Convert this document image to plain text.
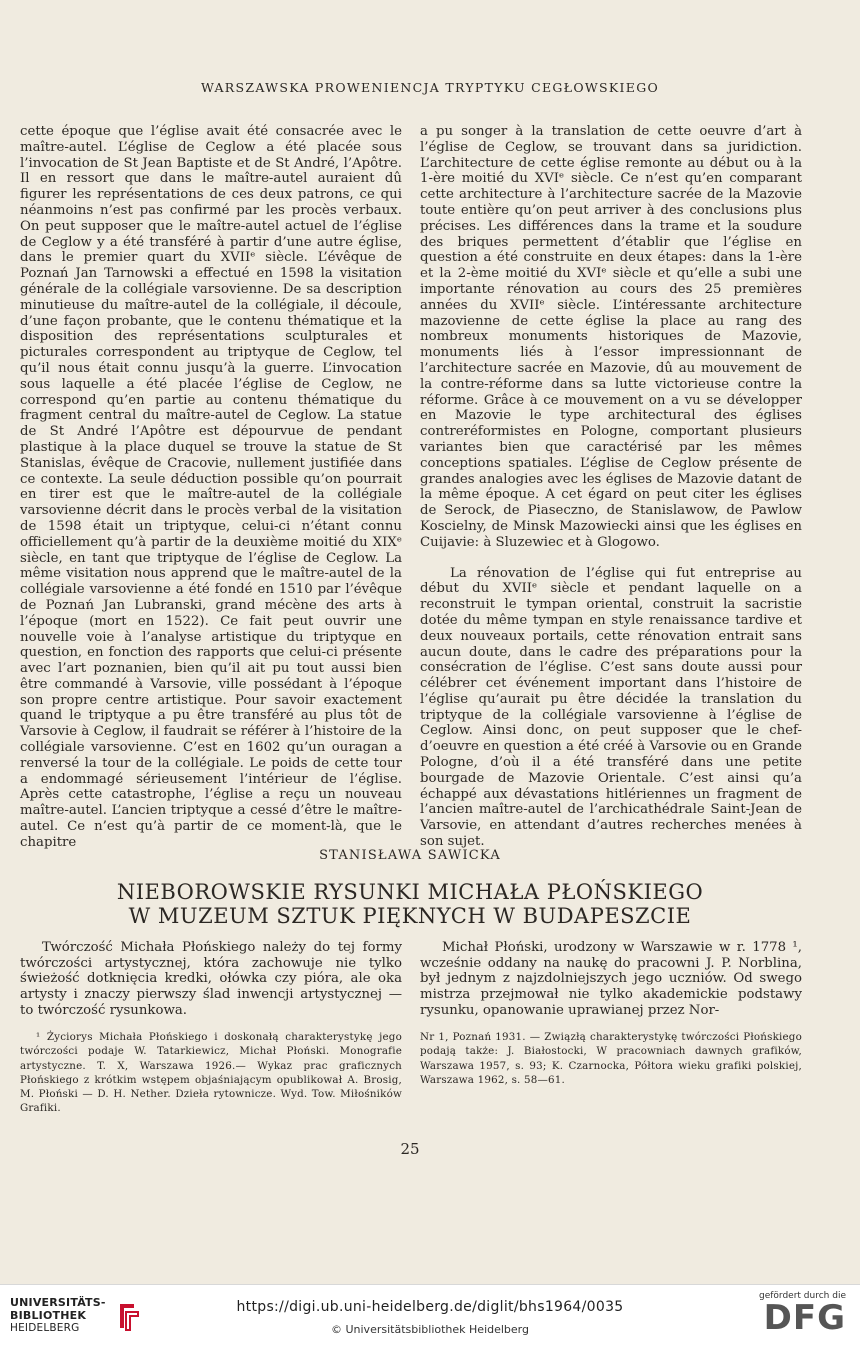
WARSZAWSKA PROWENIENCJA TRYPTYKU CEGŁOWSKIEGO

cette époque que l’église avait été consacrée avec le maître-autel. L’église de Ceglow a été placée sous l’invocation de St Jean Baptiste et de St André, l’Apôtre. Il en ressort que dans le maître-autel auraient dû figurer les représentations de ces deux patrons, ce qui néanmoins n’est pas confirmé par les procès verbaux. On peut supposer que le maître-autel actuel de l’église de Ceglow y a été transféré à partir d’une autre église, dans le premier quart du XVIIᵉ siècle. L’évêque de Poznań Jan Tarnowski a effectué en 1598 la visitation générale de la collégiale varsovienne. De sa description minutieuse du maître-autel de la collégiale, il découle, d’une façon probante, que le contenu thématique et la disposition des représentations sculpturales et picturales correspondent au triptyque de Ceglow, tel qu’il nous était connu jusqu’à la guerre. L’invocation sous laquelle a été placée l’église de Ceglow, ne correspond qu’en partie au contenu thématique du fragment central du maître-autel de Ceglow. La statue de St André l’Apôtre est dépourvue de pendant plastique à la place duquel se trouve la statue de St Stanislas, évêque de Cracovie, nullement justifiée dans ce contexte. La seule déduction possible qu’on pourrait en tirer est que le maître-autel de la collégiale varsovienne décrit dans le procès verbal de la visitation de 1598 était un triptyque, celui-ci n’étant connu officiellement qu’à partir de la deuxième moitié du XIXᵉ siècle, en tant que triptyque de l’église de Ceglow. La même visitation nous apprend que le maître-autel de la collégiale varsovienne a été fondé en 1510 par l’évêque de Poznań Jan Lubranski, grand mécène des arts à l’époque (mort en 1522). Ce fait peut ouvrir une nouvelle voie à l’analyse artistique du triptyque en question, en fonction des rapports que celui-ci présente avec l’art poznanien, bien qu’il ait pu tout aussi bien être commandé à Varsovie, ville possédant à l’époque son propre centre artistique. Pour savoir exactement quand le triptyque a pu être transféré au plus tôt de Varsovie à Ceglow, il faudrait se référer à l’histoire de la collégiale varsovienne. C’est en 1602 qu’un ouragan a renversé la tour de la collégiale. Le poids de cette tour a endommagé sérieusement l’intérieur de l’église. Après cette catastrophe, l’église a reçu un nouveau maître-autel. L’ancien triptyque a cessé d’être le maître-autel. Ce n’est qu’à partir de ce moment-là, que le chapitre

a pu songer à la translation de cette oeuvre d’art à l’église de Ceglow, se trouvant dans sa juridiction. L’architecture de cette église remonte au début ou à la 1-ère moitié du XVIᵉ siècle. Ce n’est qu’en comparant cette architecture à l’architecture sacrée de la Mazovie toute entière qu’on peut arriver à des conclusions plus précises. Les différences dans la trame et la soudure des briques permettent d’établir que l’église en question a été construite en deux étapes: dans la 1-ère et la 2-ème moitié du XVIᵉ siècle et qu’elle a subi une importante rénovation au cours des 25 premières années du XVIIᵉ siècle. L’intéressante architecture mazovienne de cette église la place au rang des nombreux monuments historiques de Mazovie, monuments liés à l’essor impressionnant de l’architecture sacrée en Mazovie, dû au mouvement de la contre-réforme dans sa lutte victorieuse contre la réforme. Grâce à ce mouvement on a vu se développer en Mazovie le type architectural des églises contreréformistes en Pologne, comportant plusieurs variantes bien que caractérisé par les mêmes conceptions spatiales. L’église de Ceglow présente de grandes analogies avec les églises de Mazovie datant de la même époque. A cet égard on peut citer les églises de Serock, de Piaseczno, de Stanislawow, de Pawlow Koscielny, de Minsk Mazowiecki ainsi que les églises en Cuijavie: à Sluzewiec et à Glogowo.

La rénovation de l’église qui fut entreprise au début du XVIIᵉ siècle et pendant laquelle on a reconstruit le tympan oriental, construit la sacristie dotée du même tympan en style renaissance tardive et deux nouveaux portails, cette rénovation entrait sans aucun doute, dans le cadre des préparations pour la consécration de l’église. C’est sans doute aussi pour célébrer cet événement important dans l’histoire de l’église qu’aurait pu être décidée la translation du triptyque de la collégiale varsovienne à l’église de Ceglow. Ainsi donc, on peut supposer que le chef-d’oeuvre en question a été créé à Varsovie ou en Grande Pologne, d’où il a été transféré dans une petite bourgade de Mazovie Orientale. C’est ainsi qu’a échappé aux dévastations hitlériennes un fragment de l’ancien maître-autel de l’archicathédrale Saint-Jean de Varsovie, en attendant d’autres recherches menées à son sujet.

STANISŁAWA SAWICKA
NIEBOROWSKIE RYSUNKI MICHAŁA PŁOŃSKIEGO
W MUZEUM SZTUK PIĘKNYCH W BUDAPESZCIE

Twórczość Michała Płońskiego należy do tej formy twórczości artystycznej, która zachowuje nie tylko świeżość dotknięcia kredki, ołówka czy pióra, ale oka artysty i znaczy pierwszy ślad inwencji artystycznej — to twórczość rysunkowa.

Michał Płoński, urodzony w Warszawie w r. 1778 ¹, wcześnie oddany na naukę do pracowni J. P. Norblina, był jednym z najzdolniejszych jego uczniów. Od swego mistrza przejmował nie tylko akademickie podstawy rysunku, opanowanie uprawianej przez Nor-

¹ Życiorys Michała Płońskiego i doskonałą charakterystykę jego twórczości podaje W. Tatarkiewicz, Michał Płoński. Monografie artystyczne. T. X, Warszawa 1926.— Wykaz prac graficznych Płońskiego z krótkim wstępem objaśniającym opublikował A. Brosig, M. Płoński — D. H. Nether. Dzieła rytownicze. Wyd. Tow. Miłośników Grafiki.

Nr 1, Poznań 1931. — Związłą charakterystykę twórczości Płońskiego podają także: J. Białostocki, W pracowniach dawnych grafików, Warszawa 1957, s. 93; K. Czarnocka, Półtora wieku grafiki polskiej, Warszawa 1962, s. 58—61.

25
UNIVERSITÄTS-
BIBLIOTHEK
HEIDELBERG
https://digi.ub.uni-heidelberg.de/diglit/bhs1964/0035
© Universitätsbibliothek Heidelberg
gefördert durch die
DFG
